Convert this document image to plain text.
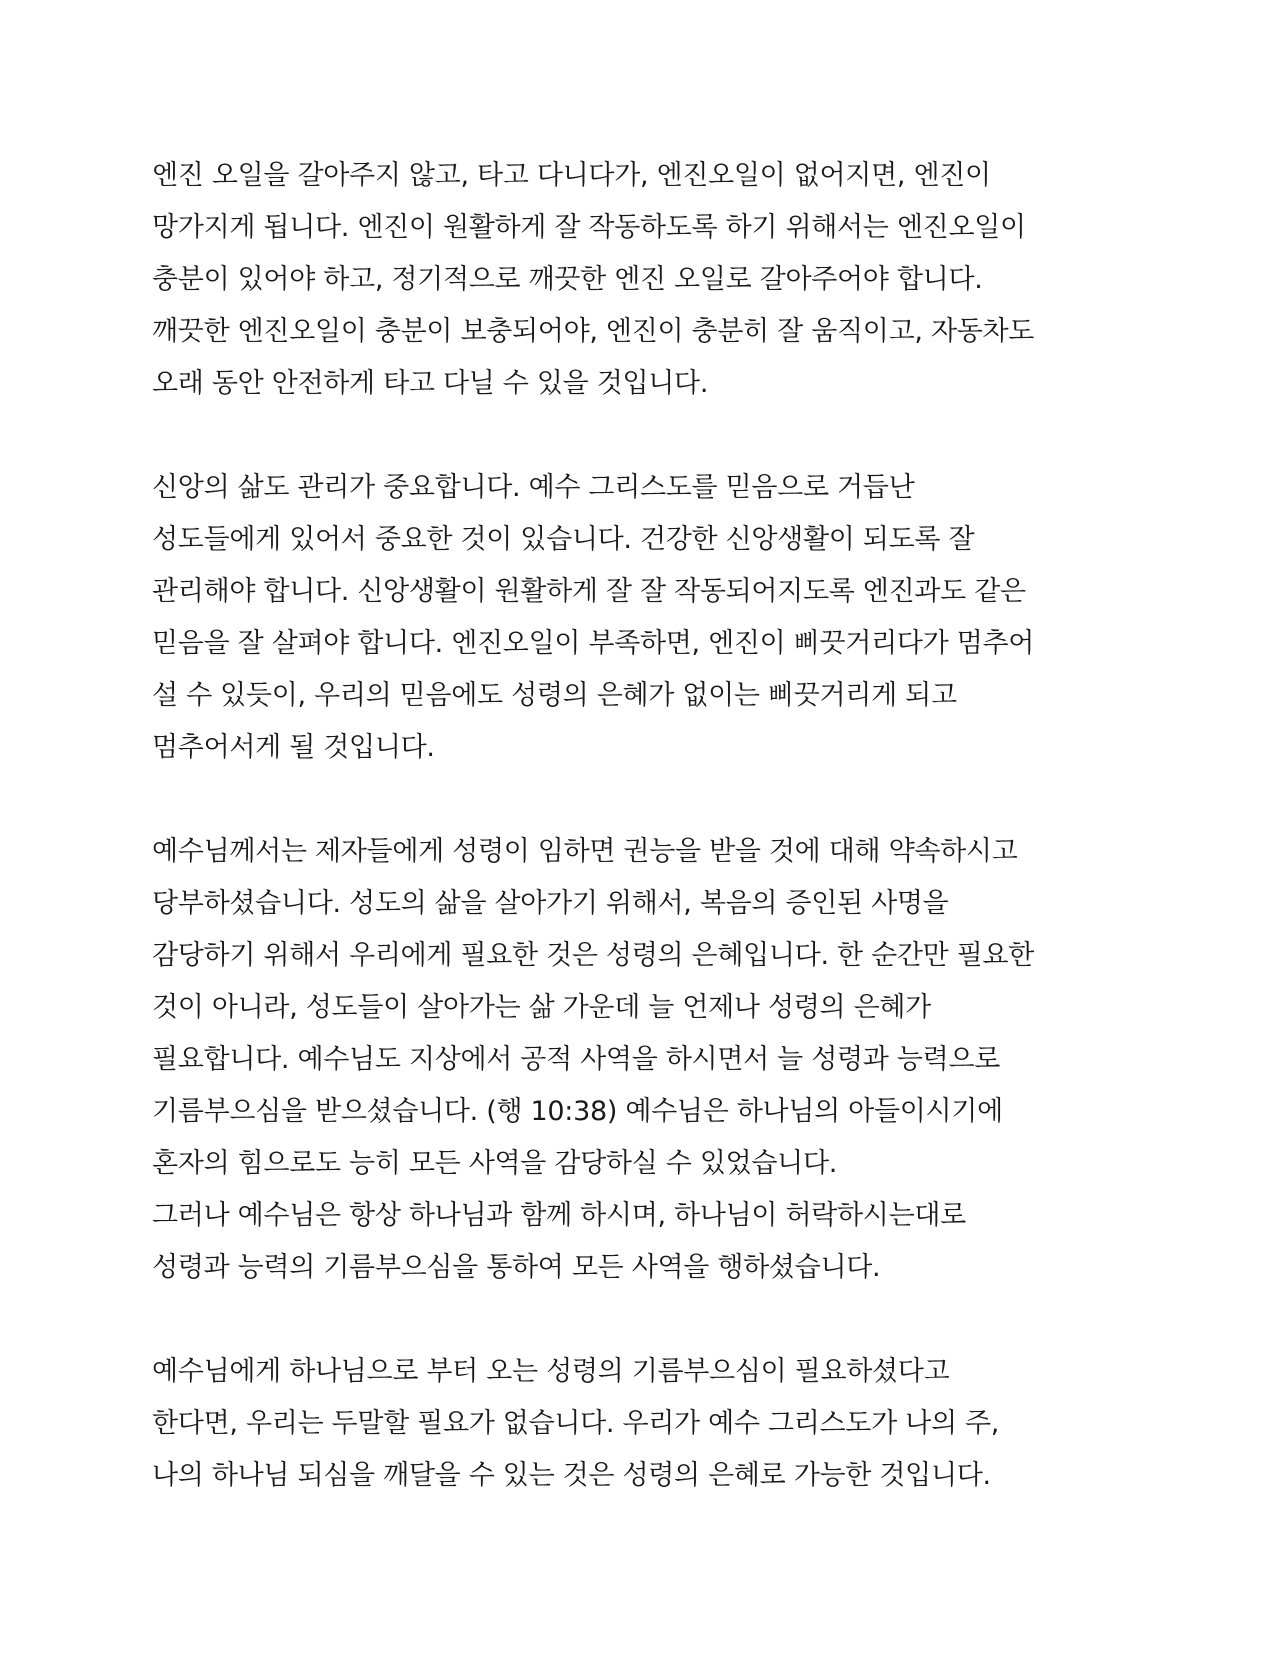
엔진 오일을 갈아주지 않고, 타고 다니다가, 엔진오일이 없어지면, 엔진이
망가지게 됩니다. 엔진이 원활하게 잘 작동하도록 하기 위해서는 엔진오일이
충분이 있어야 하고, 정기적으로 깨끗한 엔진 오일로 갈아주어야 합니다.
깨끗한 엔진오일이 충분이 보충되어야, 엔진이 충분히 잘 움직이고, 자동차도
오래 동안 안전하게 타고 다닐 수 있을 것입니다.
신앙의 삶도 관리가 중요합니다. 예수 그리스도를 믿음으로 거듭난
성도들에게 있어서 중요한 것이 있습니다. 건강한 신앙생활이 되도록 잘
관리해야 합니다. 신앙생활이 원활하게 잘 잘 작동되어지도록 엔진과도 같은
믿음을 잘 살펴야 합니다. 엔진오일이 부족하면, 엔진이 삐끗거리다가 멈추어
설 수 있듯이, 우리의 믿음에도 성령의 은혜가 없이는 삐끗거리게 되고
멈추어서게 될 것입니다.
예수님께서는 제자들에게 성령이 임하면 권능을 받을 것에 대해 약속하시고
당부하셨습니다. 성도의 삶을 살아가기 위해서, 복음의 증인된 사명을
감당하기 위해서 우리에게 필요한 것은 성령의 은혜입니다. 한 순간만 필요한
것이 아니라, 성도들이 살아가는 삶 가운데 늘 언제나 성령의 은혜가
필요합니다. 예수님도 지상에서 공적 사역을 하시면서 늘 성령과 능력으로
기름부으심을 받으셨습니다. (행 10:38) 예수님은 하나님의 아들이시기에
혼자의 힘으로도 능히 모든 사역을 감당하실 수 있었습니다.
그러나 예수님은 항상 하나님과 함께 하시며, 하나님이 허락하시는대로
성령과 능력의 기름부으심을 통하여 모든 사역을 행하셨습니다.
예수님에게 하나님으로 부터 오는 성령의 기름부으심이 필요하셨다고
한다면, 우리는 두말할 필요가 없습니다. 우리가 예수 그리스도가 나의 주,
나의 하나님 되심을 깨달을 수 있는 것은 성령의 은혜로 가능한 것입니다.
